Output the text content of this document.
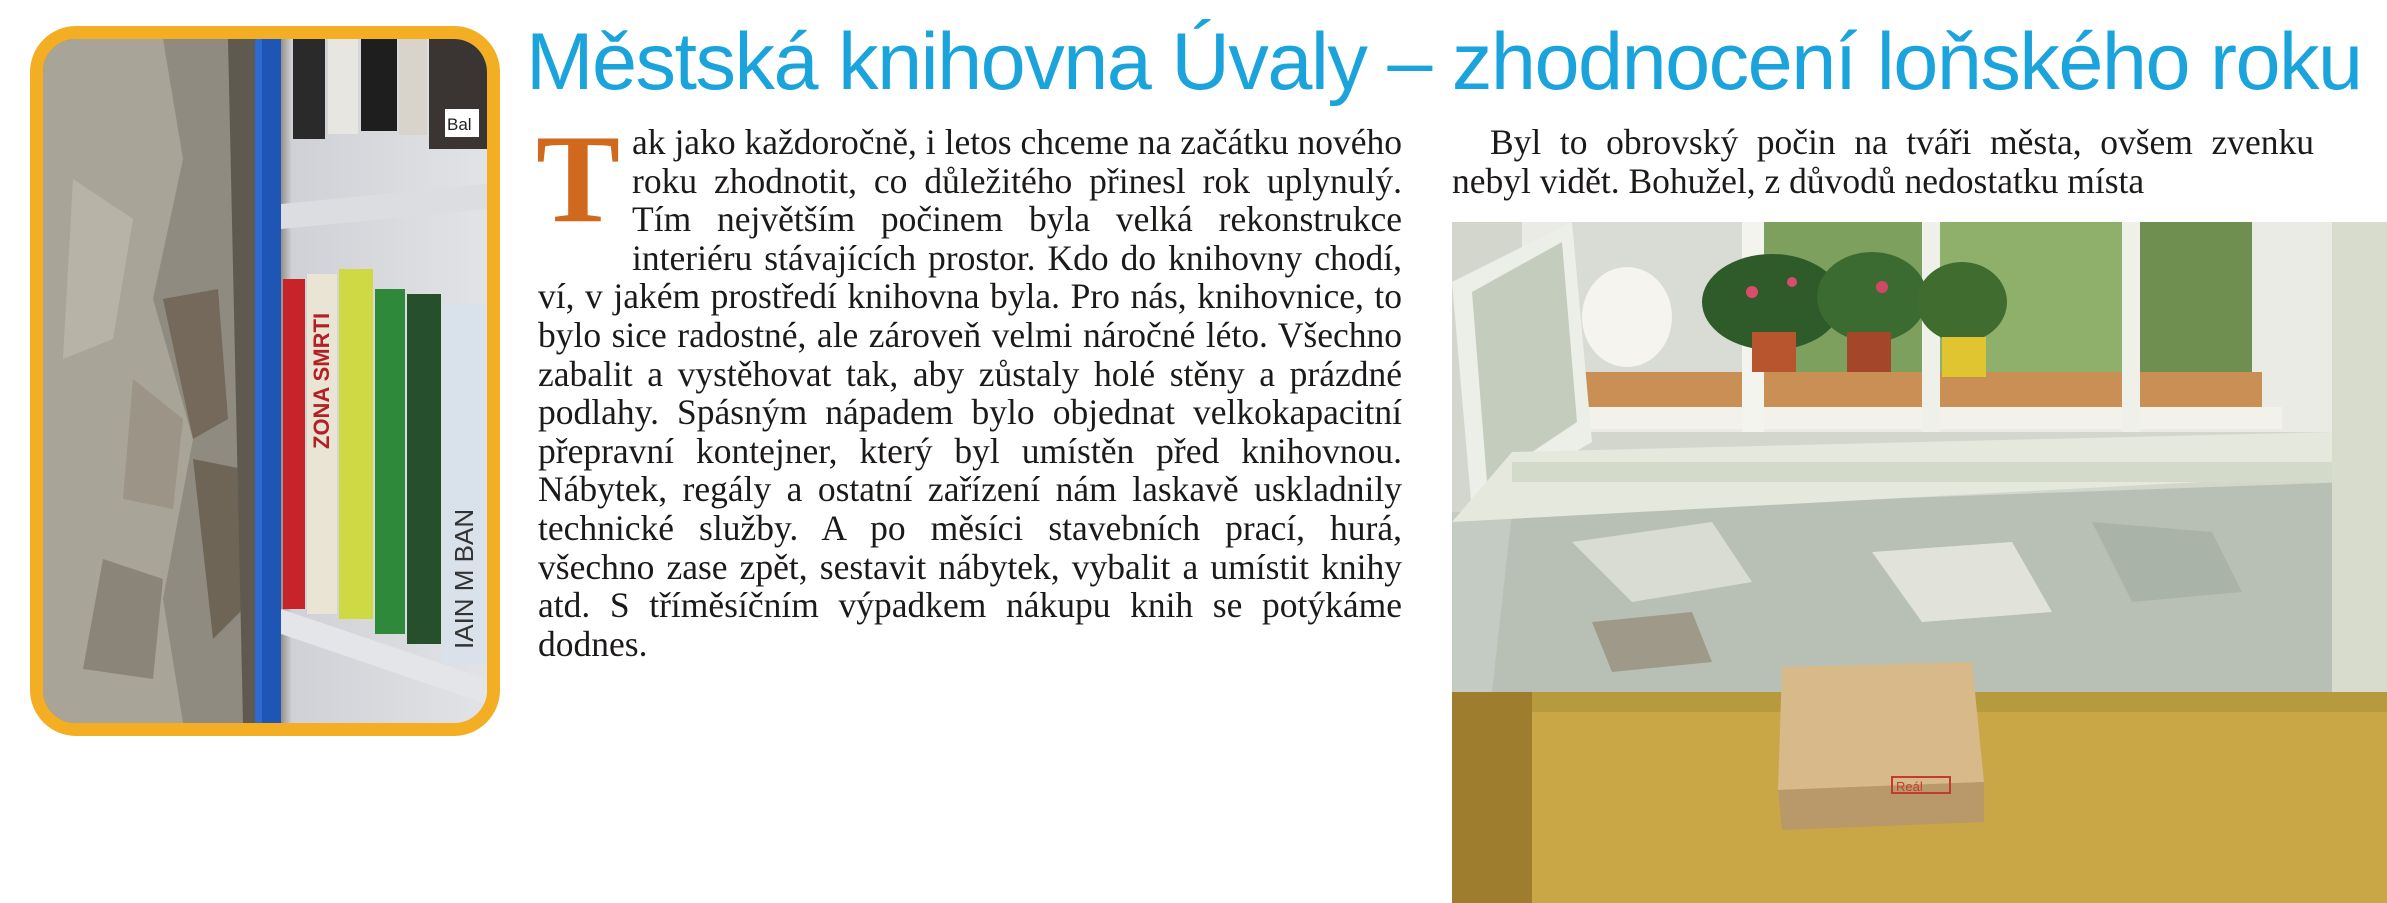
Bal
ZONA SMRTI
IAIN M BAN
Městská knihovna Úvaly – zhodnocení loňského roku

Tak jako každoročně, i letos chceme na začátku nového roku zhodnotit, co důležitého přinesl rok uplynulý. Tím největším počinem byla velká rekonstrukce interiéru stávajících prostor. Kdo do knihovny chodí, ví, v jakém prostředí knihovna byla. Pro nás, knihovnice, to bylo sice radostné, ale zároveň velmi náročné léto. Všechno zabalit a vystěhovat tak, aby zůstaly holé stěny a prázdné podlahy. Spásným nápadem bylo objednat velkokapacitní přepravní kontejner, který byl umístěn před knihovnou. Nábytek, regály a ostatní zařízení nám laskavě uskladnily technické služby. A po měsíci stavebních prací, hurá, všechno zase zpět, sestavit nábytek, vybalit a umístit knihy atd. S tříměsíčním výpadkem nákupu knih se potýkáme dodnes.

Byl to obrovský počin na tváři města, ovšem zvenku nebyl vidět. Bohužel, z důvodů nedostatku místa

Reál
